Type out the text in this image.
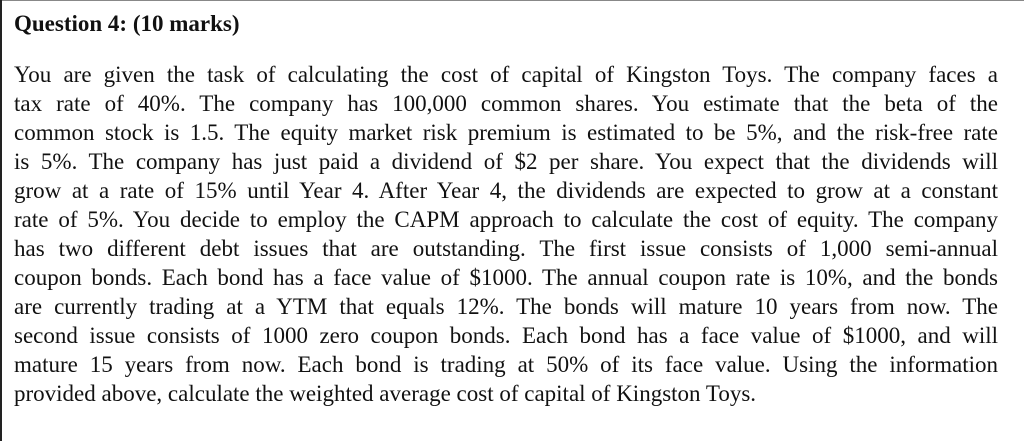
Question 4: (10 marks)
You are given the task of calculating the cost of capital of Kingston Toys. The company faces a
tax rate of 40%. The company has 100,000 common shares. You estimate that the beta of the
common stock is 1.5. The equity market risk premium is estimated to be 5%, and the risk-free rate
is 5%. The company has just paid a dividend of $2 per share. You expect that the dividends will
grow at a rate of 15% until Year 4. After Year 4, the dividends are expected to grow at a constant
rate of 5%. You decide to employ the CAPM approach to calculate the cost of equity. The company
has two different debt issues that are outstanding. The first issue consists of 1,000 semi-annual
coupon bonds. Each bond has a face value of $1000. The annual coupon rate is 10%, and the bonds
are currently trading at a YTM that equals 12%. The bonds will mature 10 years from now. The
second issue consists of 1000 zero coupon bonds. Each bond has a face value of $1000, and will
mature 15 years from now. Each bond is trading at 50% of its face value. Using the information
provided above, calculate the weighted average cost of capital of Kingston Toys.
